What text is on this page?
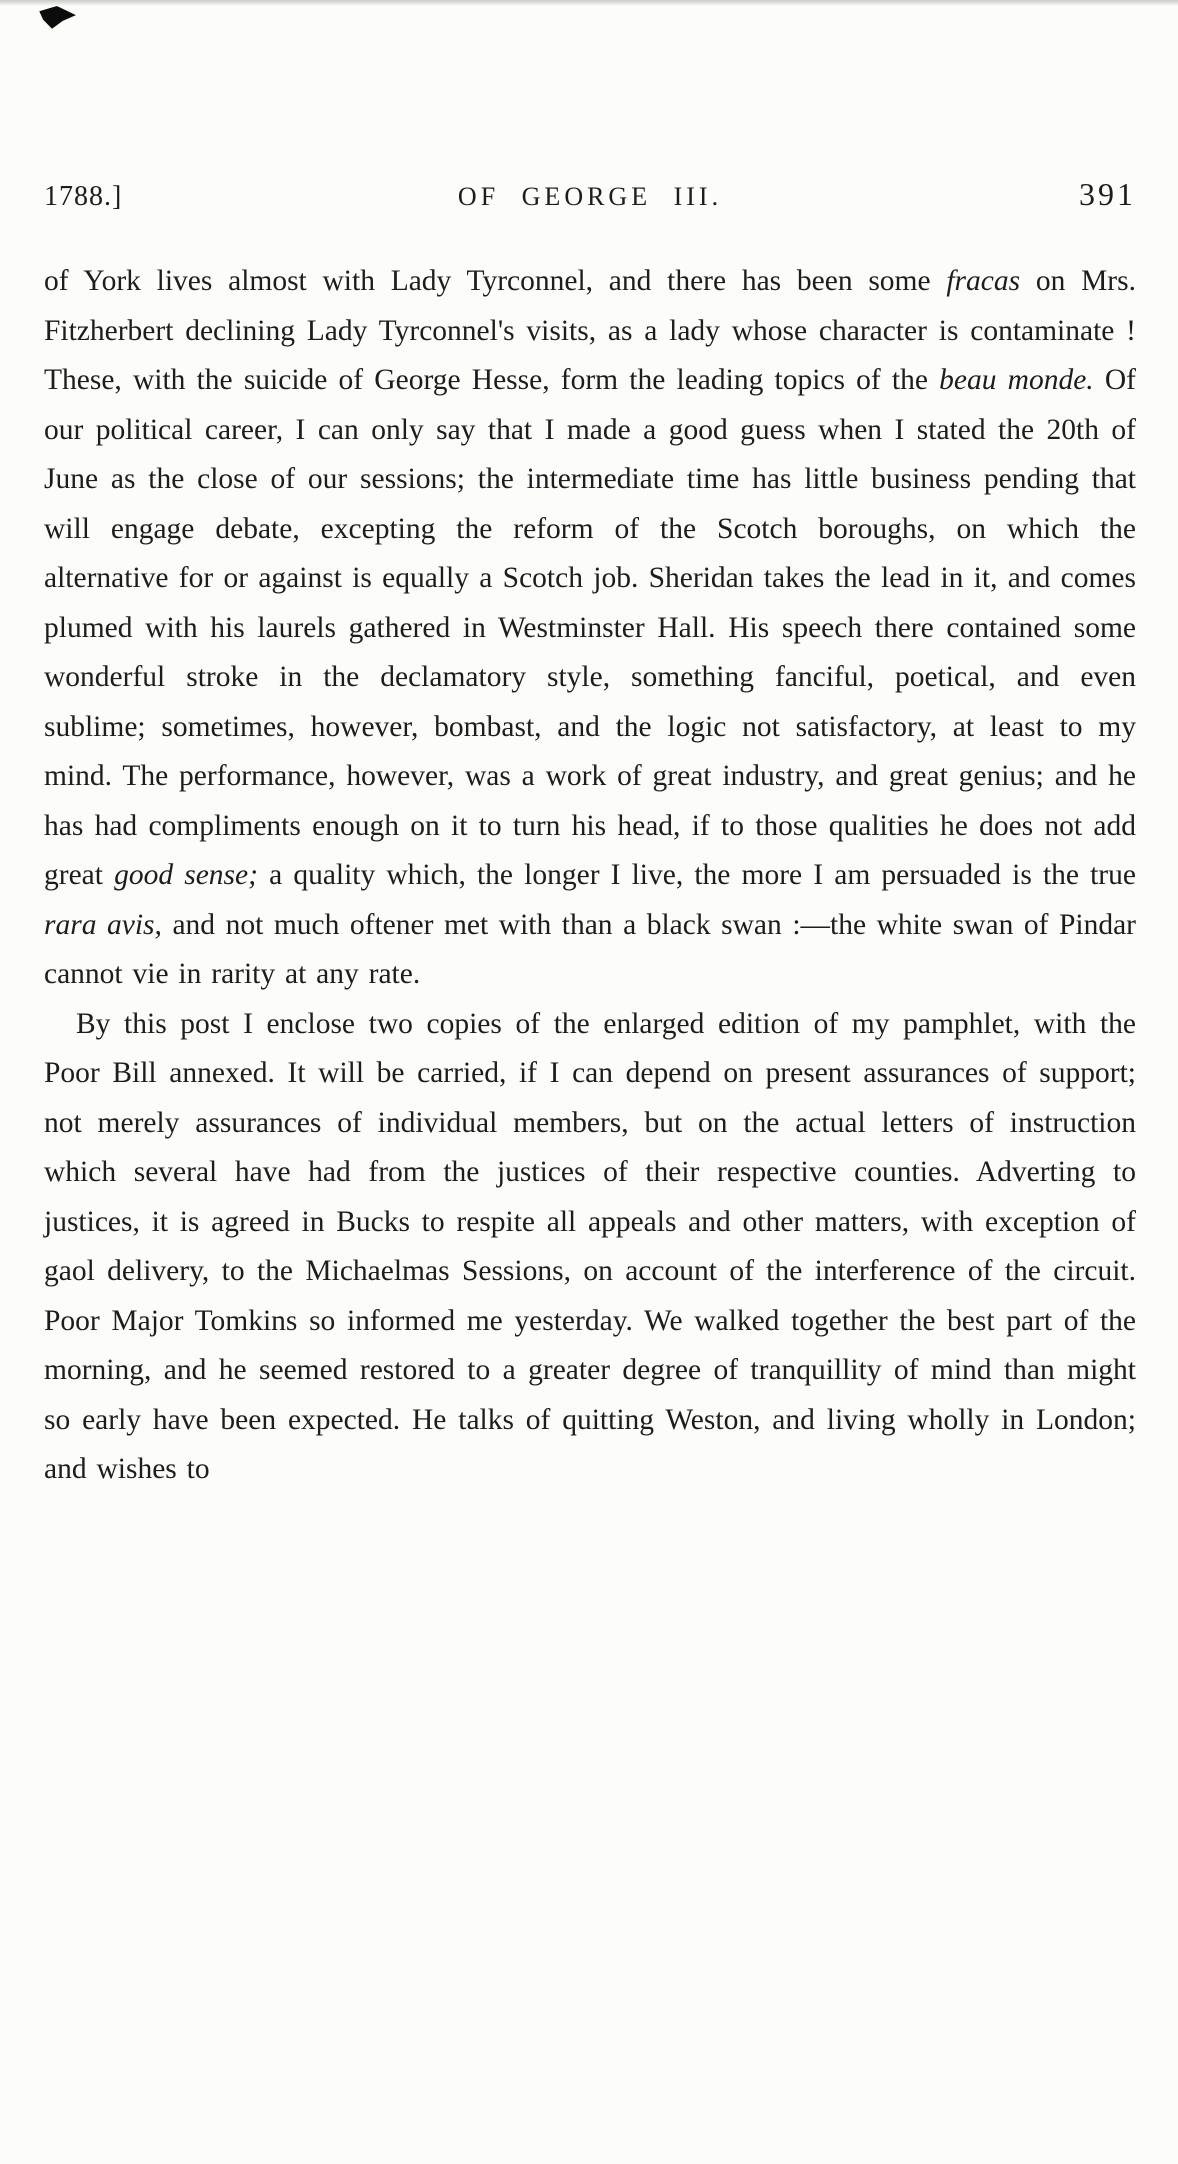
1788.]	OF GEORGE III.	391

of York lives almost with Lady Tyrconnel, and there has been some fracas on Mrs. Fitzherbert declining Lady Tyrconnel's visits, as a lady whose character is contaminate ! These, with the suicide of George Hesse, form the leading topics of the beau monde. Of our political career, I can only say that I made a good guess when I stated the 20th of June as the close of our sessions; the intermediate time has little business pending that will engage debate, excepting the reform of the Scotch boroughs, on which the alternative for or against is equally a Scotch job. Sheridan takes the lead in it, and comes plumed with his laurels gathered in Westminster Hall. His speech there contained some wonderful stroke in the declamatory style, something fanciful, poetical, and even sublime; sometimes, however, bombast, and the logic not satisfactory, at least to my mind. The performance, however, was a work of great industry, and great genius; and he has had compliments enough on it to turn his head, if to those qualities he does not add great good sense; a quality which, the longer I live, the more I am persuaded is the true rara avis, and not much oftener met with than a black swan :—the white swan of Pindar cannot vie in rarity at any rate.

By this post I enclose two copies of the enlarged edition of my pamphlet, with the Poor Bill annexed. It will be carried, if I can depend on present assurances of support; not merely assurances of individual members, but on the actual letters of instruction which several have had from the justices of their respective counties. Adverting to justices, it is agreed in Bucks to respite all appeals and other matters, with exception of gaol delivery, to the Michaelmas Sessions, on account of the interference of the circuit. Poor Major Tomkins so informed me yesterday. We walked together the best part of the morning, and he seemed restored to a greater degree of tranquillity of mind than might so early have been expected. He talks of quitting Weston, and living wholly in London; and wishes to
